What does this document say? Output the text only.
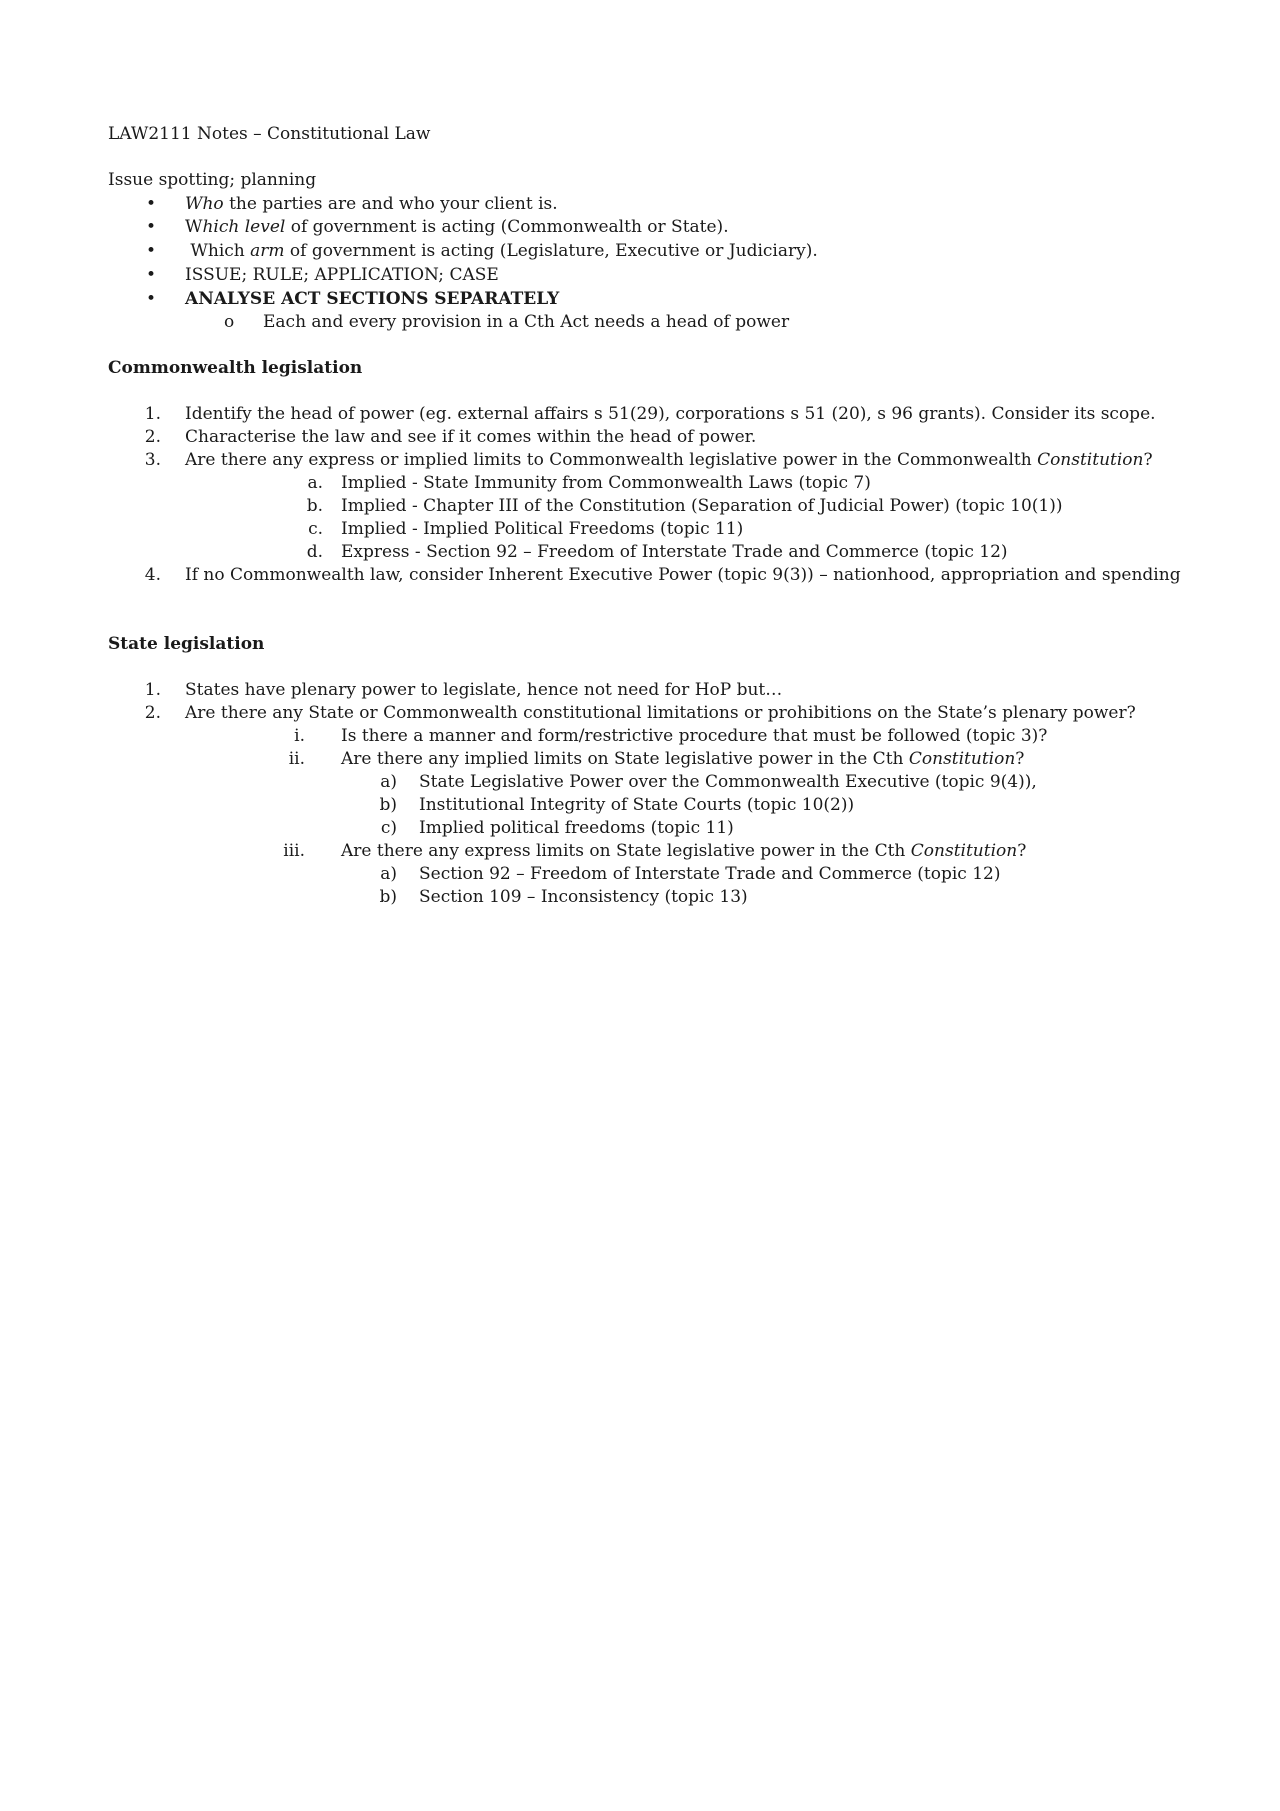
LAW2111 Notes – Constitutional Law
Issue spotting; planning
• Who the parties are and who your client is.
• Which level of government is acting (Commonwealth or State).
• Which arm of government is acting (Legislature, Executive or Judiciary).
• ISSUE; RULE; APPLICATION; CASE
• ANALYSE ACT SECTIONS SEPARATELY
o Each and every provision in a Cth Act needs a head of power
Commonwealth legislation
1. Identify the head of power (eg. external affairs s 51(29), corporations s 51 (20), s 96 grants). Consider its scope.
2. Characterise the law and see if it comes within the head of power.
3. Are there any express or implied limits to Commonwealth legislative power in the Commonwealth Constitution?
a. Implied - State Immunity from Commonwealth Laws (topic 7)
b. Implied - Chapter III of the Constitution (Separation of Judicial Power) (topic 10(1))
c. Implied - Implied Political Freedoms (topic 11)
d. Express - Section 92 – Freedom of Interstate Trade and Commerce (topic 12)
4. If no Commonwealth law, consider Inherent Executive Power (topic 9(3)) – nationhood, appropriation and spending
State legislation
1. States have plenary power to legislate, hence not need for HoP but…
2. Are there any State or Commonwealth constitutional limitations or prohibitions on the State’s plenary power?
i. Is there a manner and form/restrictive procedure that must be followed (topic 3)?
ii. Are there any implied limits on State legislative power in the Cth Constitution?
a) State Legislative Power over the Commonwealth Executive (topic 9(4)),
b) Institutional Integrity of State Courts (topic 10(2))
c) Implied political freedoms (topic 11)
iii. Are there any express limits on State legislative power in the Cth Constitution?
a) Section 92 – Freedom of Interstate Trade and Commerce (topic 12)
b) Section 109 – Inconsistency (topic 13)
